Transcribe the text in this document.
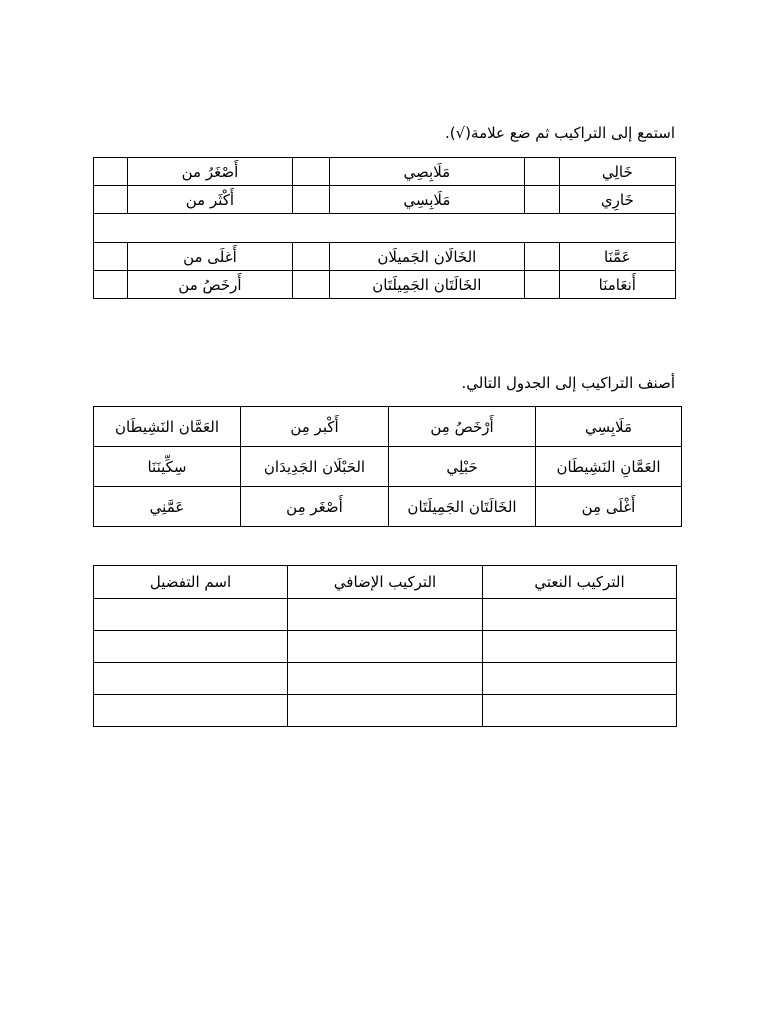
استمع إلى التراكيب ثم ضع علامة(√).
خَالِي		مَلَابِصِي		أَصْغَرُ من	
خَارِي		مَلَابِسِي		أَكْثَر من	

عَمَّنَا		الخَالَان الجَميلَان		أَغلَى من	
أَنعَامنَا		الخَالَتَان الجَمِيلَتَان		أَرخَصُ من	
أصنف التراكيب إلى الجدول التالي.
مَلَابِسِي	أَرْخَصُ مِن	أَكْبر مِن	العَمَّان النَشِيطَان
العَمَّانِ النَشِيطَان	حَبْلِي	الحَبْلَان الجَدِيدَان	سِكِّينَنَا
أَغْلَى مِن	الخَالَتَان الجَمِيلَتَان	أَصْغَر مِن	عَمَّنِي
التركيب النعتي	التركيب الإضافي	اسم التفضيل
